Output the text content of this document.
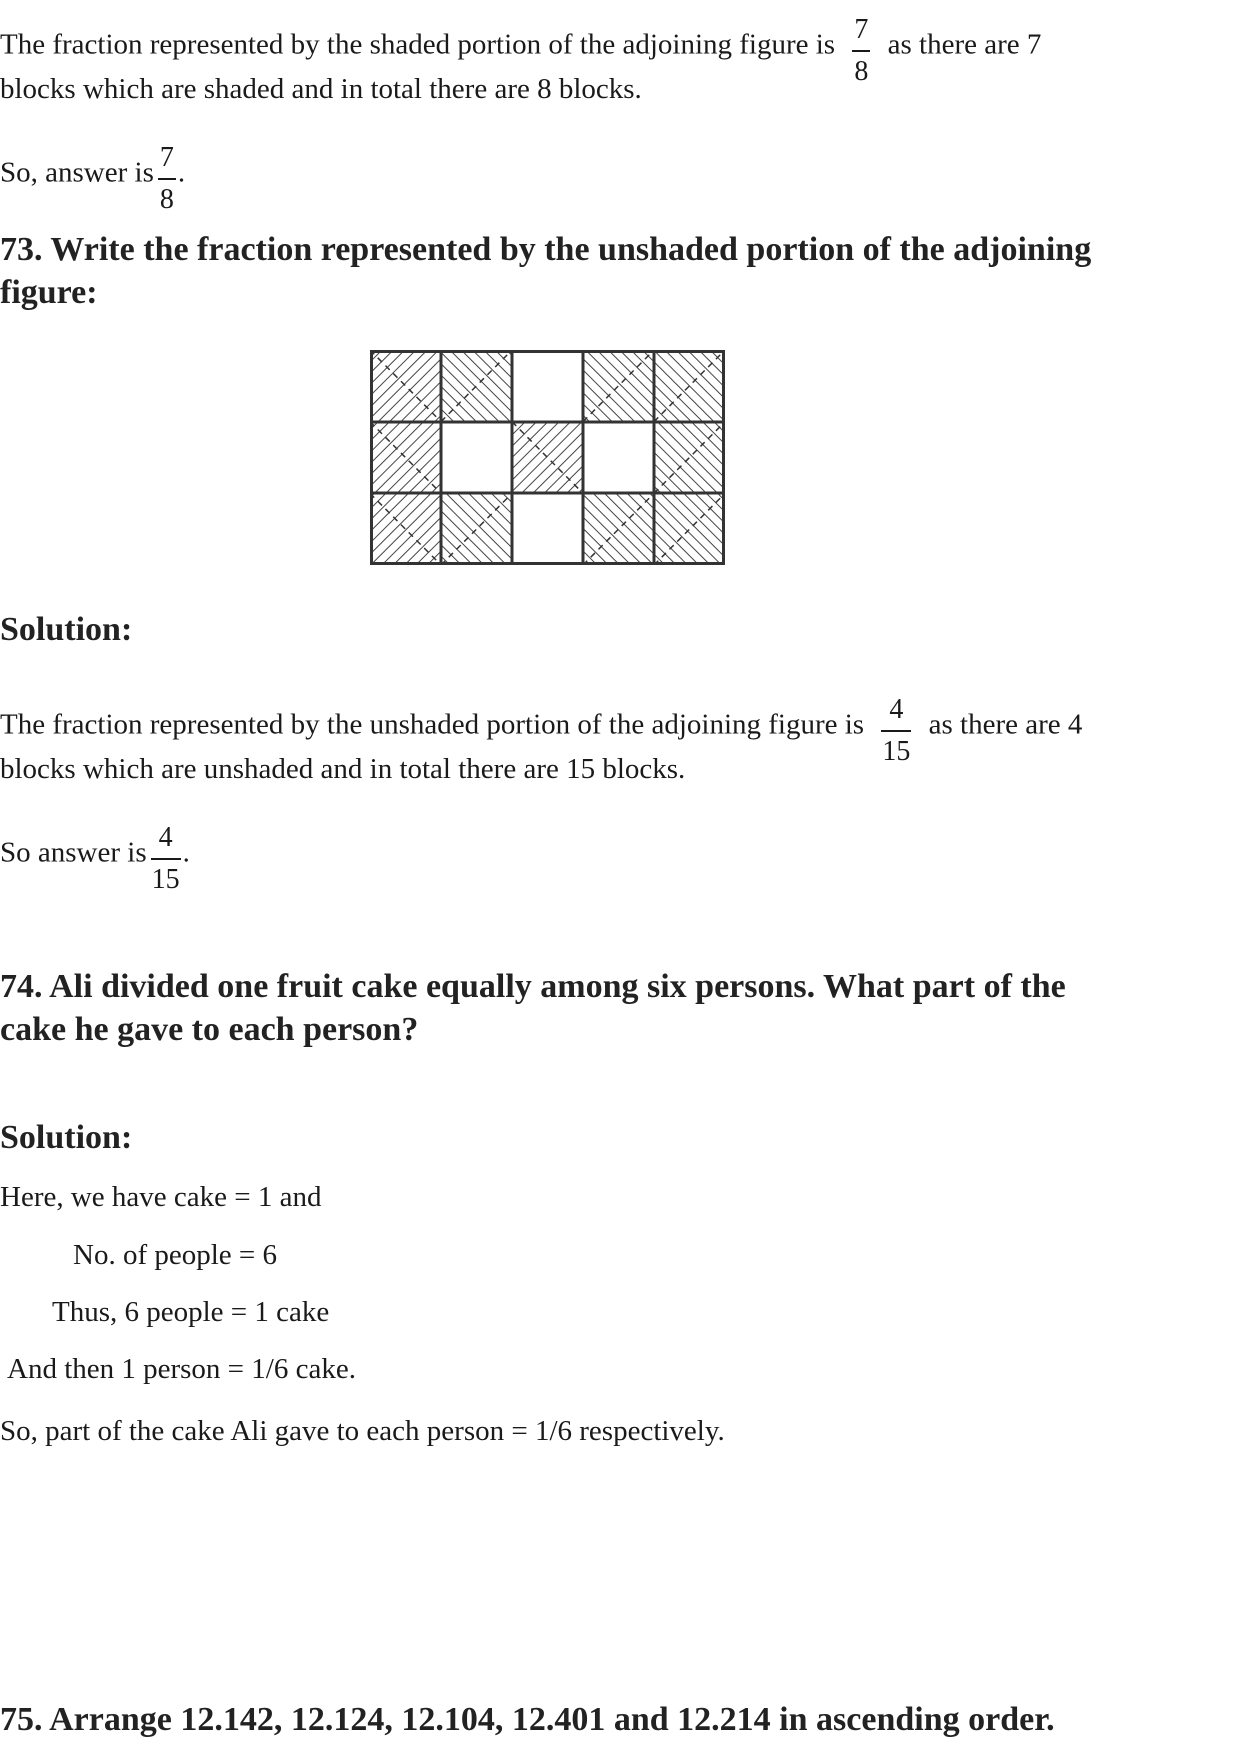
The fraction represented by the shaded portion of the adjoining figure is $\frac{7}{8}$ as there are 7
blocks which are shaded and in total there are 8 blocks.
So, answer is $\frac{7}{8}$ .
73. Write the fraction represented by the unshaded portion of the adjoining
figure:
Solution:
The fraction represented by the unshaded portion of the adjoining figure is $\frac{4}{15}$ as there are 4
blocks which are unshaded and in total there are 15 blocks.
So answer is $\frac{4}{15}$ .
74. Ali divided one fruit cake equally among six persons. What part of the
cake he gave to each person?
Solution:
Here, we have cake = 1 and
No. of people = 6
Thus, 6 people = 1 cake
And then 1 person = 1/6 cake.
So, part of the cake Ali gave to each person = 1/6 respectively.
75. Arrange 12.142, 12.124, 12.104, 12.401 and 12.214 in ascending order.
